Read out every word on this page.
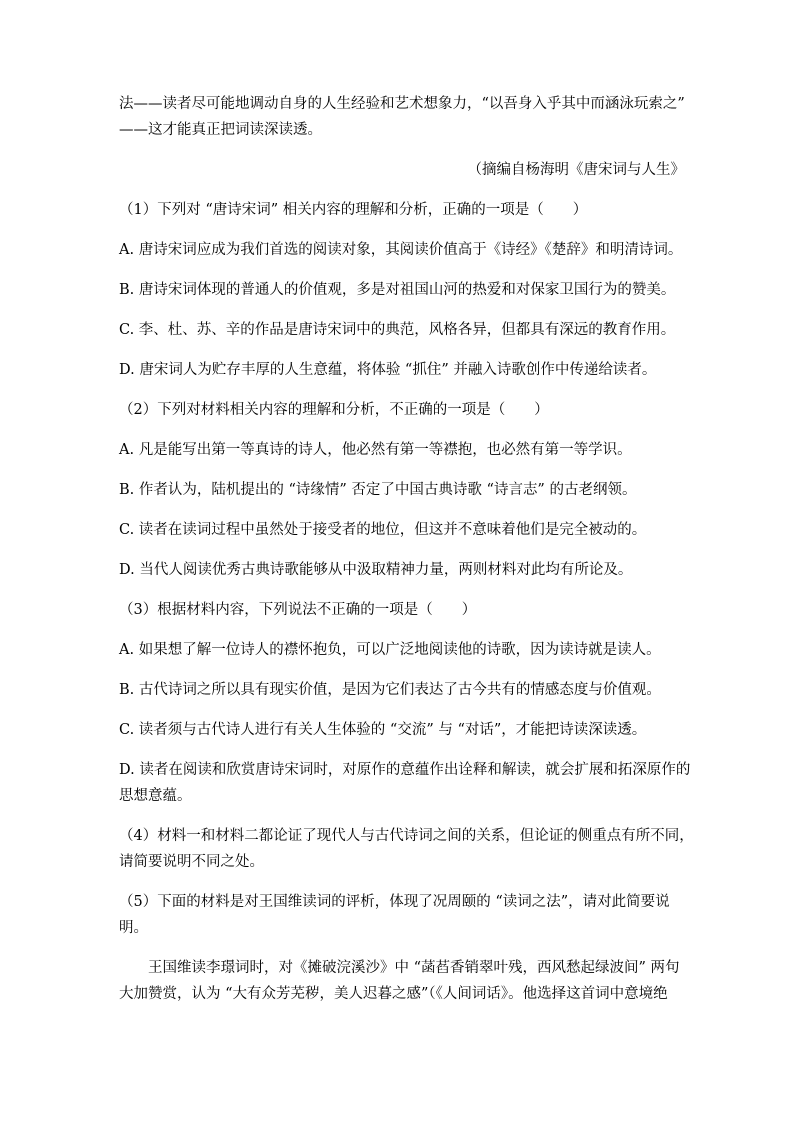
法——读者尽可能地调动自身的人生经验和艺术想象力，“以吾身入乎其中而涵泳玩索之”

——这才能真正把词读深读透。

（摘编自杨海明《唐宋词与人生》

（1）下列对 “唐诗宋词” 相关内容的理解和分析，正确的一项是（　　）

A. 唐诗宋词应成为我们首选的阅读对象，其阅读价值高于《诗经》《楚辞》和明清诗词。

B. 唐诗宋词体现的普通人的价值观，多是对祖国山河的热爱和对保家卫国行为的赞美。

C. 李、杜、苏、辛的作品是唐诗宋词中的典范，风格各异，但都具有深远的教育作用。

D. 唐宋词人为贮存丰厚的人生意蕴，将体验 “抓住” 并融入诗歌创作中传递给读者。

（2）下列对材料相关内容的理解和分析，不正确的一项是（　　）

A. 凡是能写出第一等真诗的诗人，他必然有第一等襟抱，也必然有第一等学识。

B. 作者认为，陆机提出的 “诗缘情” 否定了中国古典诗歌 “诗言志” 的古老纲领。

C. 读者在读词过程中虽然处于接受者的地位，但这并不意味着他们是完全被动的。

D. 当代人阅读优秀古典诗歌能够从中汲取精神力量，两则材料对此均有所论及。

（3）根据材料内容，下列说法不正确的一项是（　　）

A. 如果想了解一位诗人的襟怀抱负，可以广泛地阅读他的诗歌，因为读诗就是读人。

B. 古代诗词之所以具有现实价值，是因为它们表达了古今共有的情感态度与价值观。

C. 读者须与古代诗人进行有关人生体验的 “交流” 与 “对话”，才能把诗读深读透。

D. 读者在阅读和欣赏唐诗宋词时，对原作的意蕴作出诠释和解读，就会扩展和拓深原作的

思想意蕴。

（4）材料一和材料二都论证了现代人与古代诗词之间的关系，但论证的侧重点有所不同，

请简要说明不同之处。

（5）下面的材料是对王国维读词的评析，体现了况周颐的 “读词之法”，请对此简要说

明。

王国维读李璟词时，对《摊破浣溪沙》中 “菡萏香销翠叶残，西风愁起绿波间” 两句

大加赞赏，认为 “大有众芳芜秽，美人迟暮之感”（《人间词话》。他选择这首词中意境绝
